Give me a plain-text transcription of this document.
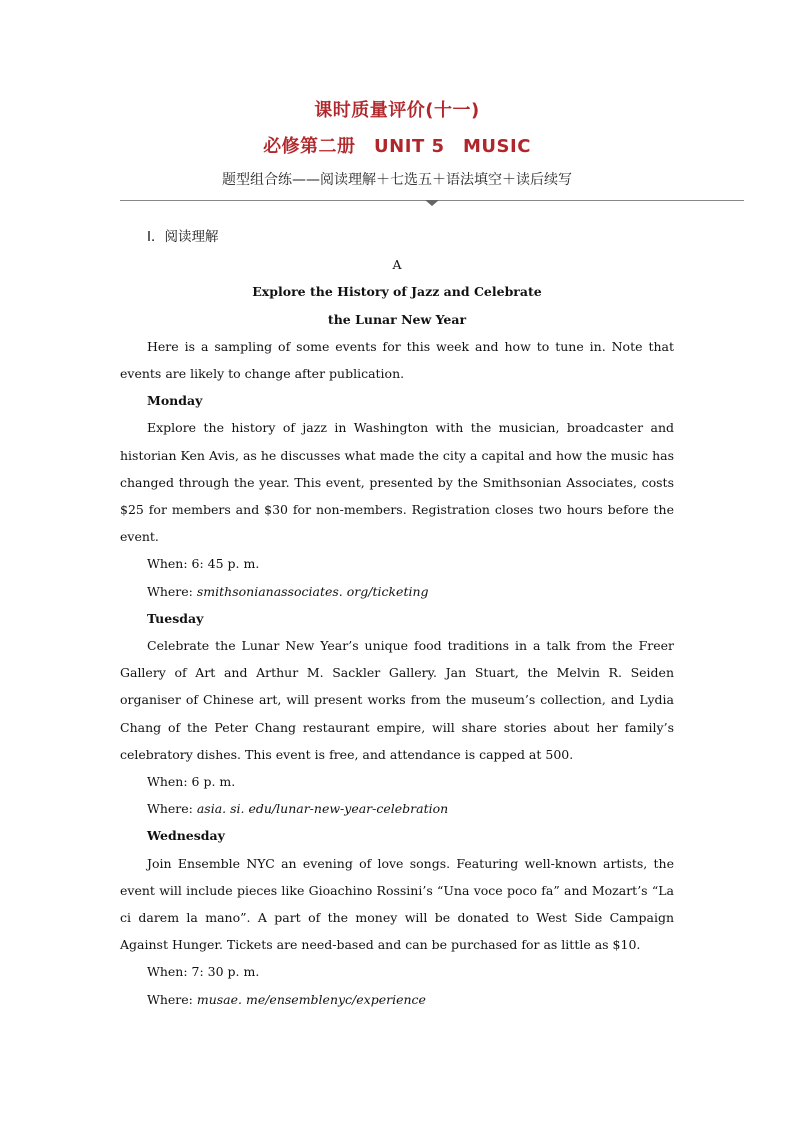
课时质量评价(十一)
必修第二册　UNIT 5　MUSIC
题型组合练——阅读理解＋七选五＋语法填空＋读后续写
Ⅰ．阅读理解

A

Explore the History of Jazz and Celebrate

the Lunar New Year

Here is a sampling of some events for this week and how to tune in. Note that events are likely to change after publication.

Monday

Explore the history of jazz in Washington with the musician, broadcaster and historian Ken Avis, as he discusses what made the city a capital and how the music has changed through the year. This event, presented by the Smithsonian Associates, costs $25 for members and $30 for non-members. Registration closes two hours before the event.

When: 6: 45 p. m.

Where: smithsonianassociates. org/ticketing

Tuesday

Celebrate the Lunar New Year’s unique food traditions in a talk from the Freer Gallery of Art and Arthur M. Sackler Gallery. Jan Stuart, the Melvin R. Seiden organiser of Chinese art, will present works from the museum’s collection, and Lydia Chang of the Peter Chang restaurant empire, will share stories about her family’s celebratory dishes. This event is free, and attendance is capped at 500.

When: 6 p. m.

Where: asia. si. edu/lunar-new-year-celebration

Wednesday

Join Ensemble NYC an evening of love songs. Featuring well-known artists, the event will include pieces like Gioachino Rossini’s “Una voce poco fa” and Mozart’s “La ci darem la mano”. A part of the money will be donated to West Side Campaign Against Hunger. Tickets are need-based and can be purchased for as little as $10.

When: 7: 30 p. m.

Where: musae. me/ensemblenyc/experience
